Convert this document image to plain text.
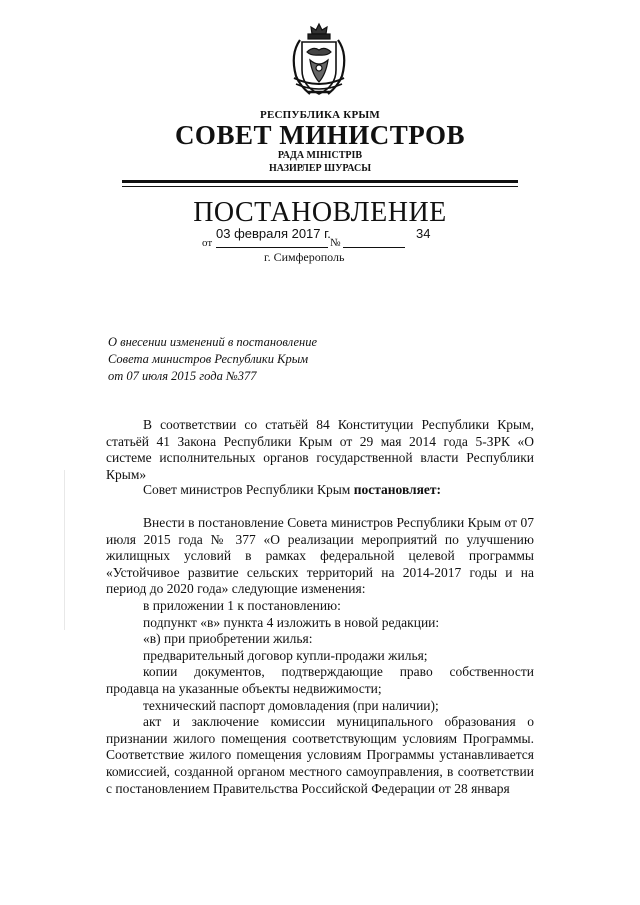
РЕСПУБЛИКА КРЫМ
СОВЕТ МИНИСТРОВ
РАДА МІНІСТРІВ
НАЗИРЛЕР ШУРАСЫ
ПОСТАНОВЛЕНИЕ
03 февраля 2017 г.	34
от	№
г. Симферополь
О внесении изменений в постановление
Совета министров Республики Крым
от 07 июля 2015 года №377

В соответствии со статьёй 84 Конституции Республики Крым, статьёй 41 Закона Республики Крым от 29 мая 2014 года 5-ЗРК «О системе исполнительных органов государственной власти Республики Крым»

Совет министров Республики Крым постановляет:

Внести в постановление Совета министров Республики Крым от 07 июля 2015 года № 377 «О реализации мероприятий по улучшению жилищных условий в рамках федеральной целевой программы «Устойчивое развитие сельских территорий на 2014-2017 годы и на период до 2020 года» следующие изменения:

в приложении 1 к постановлению:

подпункт «в» пункта 4 изложить в новой редакции:

«в) при приобретении жилья:

предварительный договор купли-продажи жилья;

копии документов, подтверждающие право собственности продавца на указанные объекты недвижимости;

технический паспорт домовладения (при наличии);

акт и заключение комиссии муниципального образования о признании жилого помещения соответствующим условиям Программы. Соответствие жилого помещения условиям Программы устанавливается комиссией, созданной органом местного самоуправления, в соответствии с постановлением Правительства Российской Федерации от 28 января
